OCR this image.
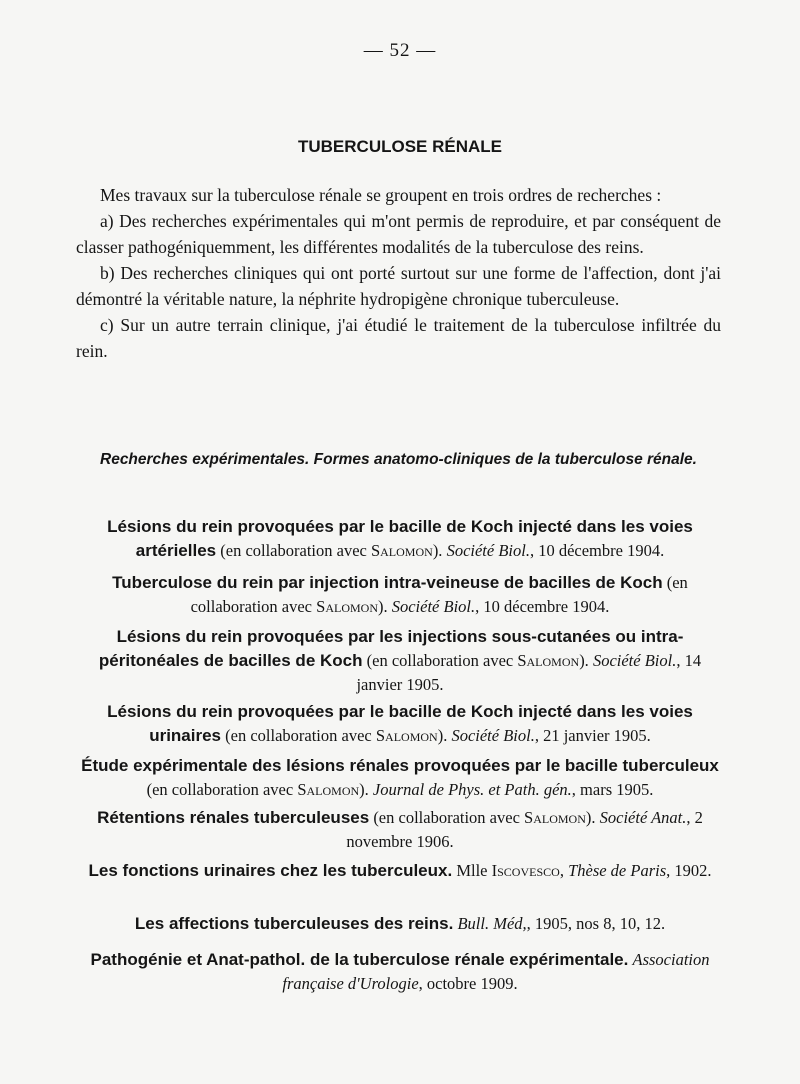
— 52 —
TUBERCULOSE RÉNALE

Mes travaux sur la tuberculose rénale se groupent en trois ordres de recherches :

a) Des recherches expérimentales qui m'ont permis de reproduire, et par conséquent de classer pathogéniquemment, les différentes modalités de la tuberculose des reins.

b) Des recherches cliniques qui ont porté surtout sur une forme de l'affection, dont j'ai démontré la véritable nature, la néphrite hydropigène chronique tuberculeuse.

c) Sur un autre terrain clinique, j'ai étudié le traitement de la tuberculose infiltrée du rein.

Recherches expérimentales. Formes anatomo-cliniques de la tuberculose rénale.
Lésions du rein provoquées par le bacille de Koch injecté dans les voies artérielles (en collaboration avec Salomon). Société Biol., 10 décembre 1904.
Tuberculose du rein par injection intra-veineuse de bacilles de Koch (en collaboration avec Salomon). Société Biol., 10 décembre 1904.
Lésions du rein provoquées par les injections sous-cutanées ou intra-péritonéales de bacilles de Koch (en collaboration avec Salomon). Société Biol., 14 janvier 1905.
Lésions du rein provoquées par le bacille de Koch injecté dans les voies urinaires (en collaboration avec Salomon). Société Biol., 21 janvier 1905.
Étude expérimentale des lésions rénales provoquées par le bacille tuberculeux (en collaboration avec Salomon). Journal de Phys. et Path. gén., mars 1905.
Rétentions rénales tuberculeuses (en collaboration avec Salomon). Société Anat., 2 novembre 1906.
Les fonctions urinaires chez les tuberculeux. Mlle Iscovesco, Thèse de Paris, 1902.
Les affections tuberculeuses des reins. Bull. Méd,, 1905, nos 8, 10, 12.
Pathogénie et Anat-pathol. de la tuberculose rénale expérimentale. Association française d'Urologie, octobre 1909.
